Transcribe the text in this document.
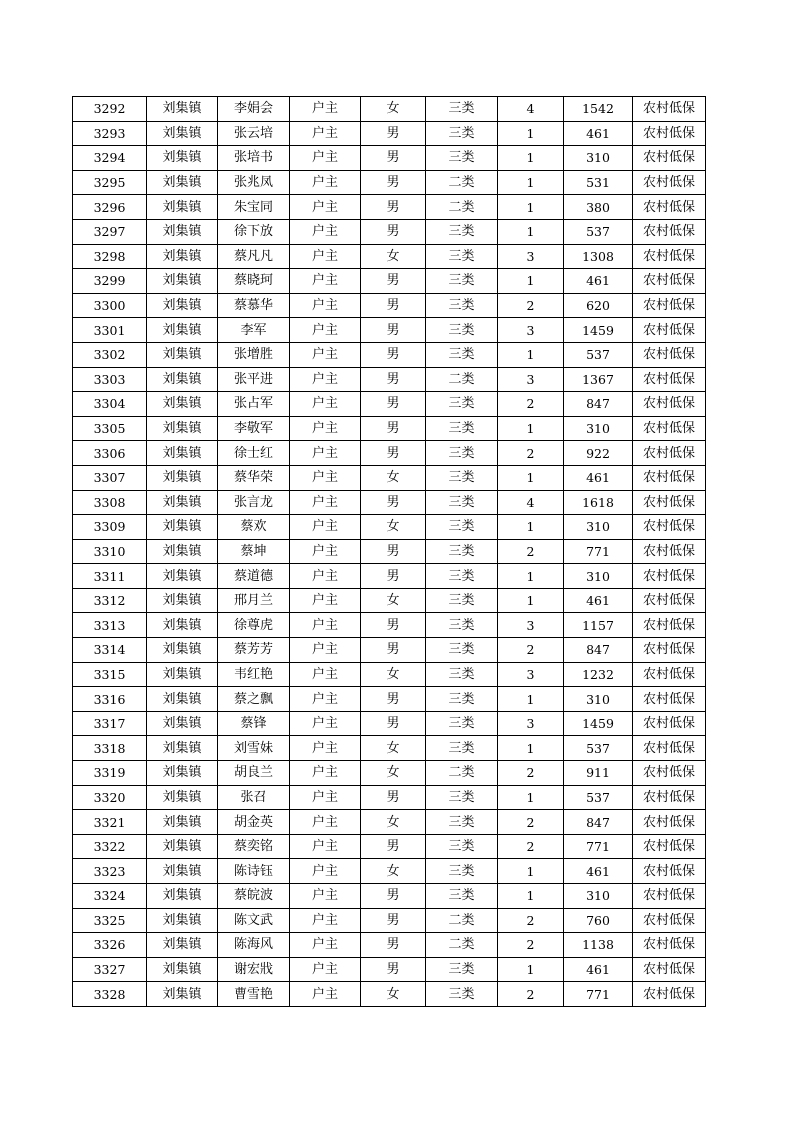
3292	刘集镇	李娟会	户主	女	三类	4	1542	农村低保
3293	刘集镇	张云培	户主	男	三类	1	461	农村低保
3294	刘集镇	张培书	户主	男	三类	1	310	农村低保
3295	刘集镇	张兆凤	户主	男	二类	1	531	农村低保
3296	刘集镇	朱宝同	户主	男	二类	1	380	农村低保
3297	刘集镇	徐下放	户主	男	三类	1	537	农村低保
3298	刘集镇	蔡凡凡	户主	女	三类	3	1308	农村低保
3299	刘集镇	蔡晓珂	户主	男	三类	1	461	农村低保
3300	刘集镇	蔡慕华	户主	男	三类	2	620	农村低保
3301	刘集镇	李军	户主	男	三类	3	1459	农村低保
3302	刘集镇	张增胜	户主	男	三类	1	537	农村低保
3303	刘集镇	张平进	户主	男	二类	3	1367	农村低保
3304	刘集镇	张占军	户主	男	三类	2	847	农村低保
3305	刘集镇	李敬军	户主	男	三类	1	310	农村低保
3306	刘集镇	徐士红	户主	男	三类	2	922	农村低保
3307	刘集镇	蔡华荣	户主	女	三类	1	461	农村低保
3308	刘集镇	张言龙	户主	男	三类	4	1618	农村低保
3309	刘集镇	蔡欢	户主	女	三类	1	310	农村低保
3310	刘集镇	蔡坤	户主	男	三类	2	771	农村低保
3311	刘集镇	蔡道德	户主	男	三类	1	310	农村低保
3312	刘集镇	邢月兰	户主	女	三类	1	461	农村低保
3313	刘集镇	徐尊虎	户主	男	三类	3	1157	农村低保
3314	刘集镇	蔡芳芳	户主	男	三类	2	847	农村低保
3315	刘集镇	韦红艳	户主	女	三类	3	1232	农村低保
3316	刘集镇	蔡之飘	户主	男	三类	1	310	农村低保
3317	刘集镇	蔡锋	户主	男	三类	3	1459	农村低保
3318	刘集镇	刘雪妹	户主	女	三类	1	537	农村低保
3319	刘集镇	胡良兰	户主	女	二类	2	911	农村低保
3320	刘集镇	张召	户主	男	三类	1	537	农村低保
3321	刘集镇	胡金英	户主	女	三类	2	847	农村低保
3322	刘集镇	蔡奕铭	户主	男	三类	2	771	农村低保
3323	刘集镇	陈诗钰	户主	女	三类	1	461	农村低保
3324	刘集镇	蔡皖波	户主	男	三类	1	310	农村低保
3325	刘集镇	陈文武	户主	男	二类	2	760	农村低保
3326	刘集镇	陈海风	户主	男	二类	2	1138	农村低保
3327	刘集镇	谢宏戕	户主	男	三类	1	461	农村低保
3328	刘集镇	曹雪艳	户主	女	三类	2	771	农村低保
